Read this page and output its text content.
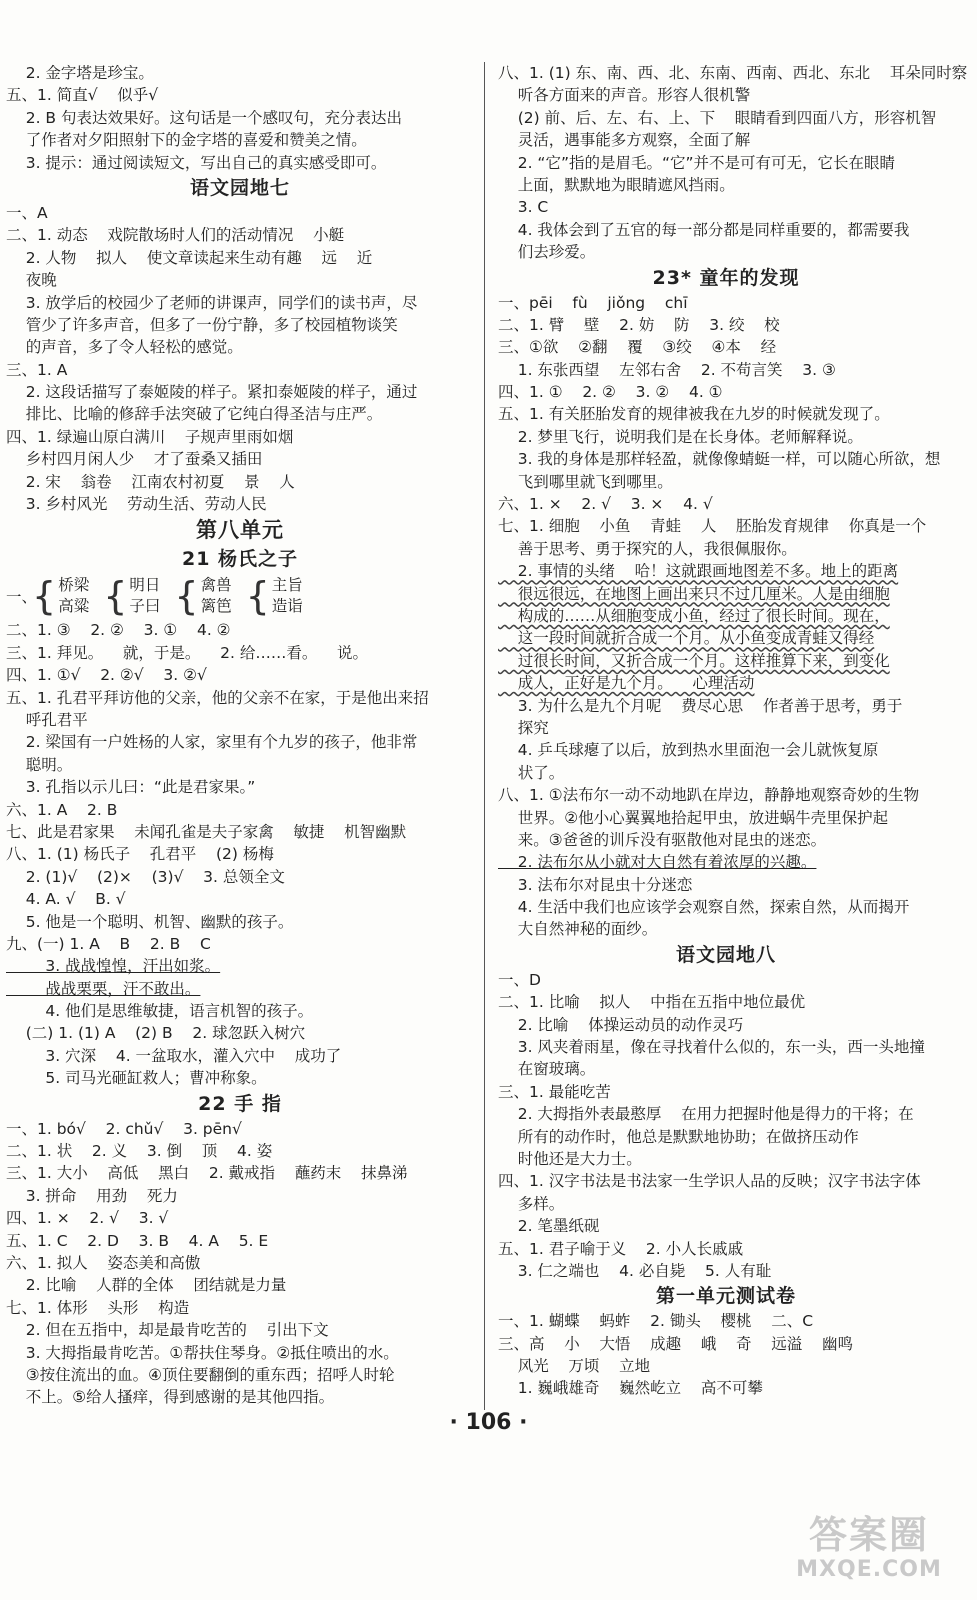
2. 金字塔是珍宝。
五、1. 简直√    似乎√
2. B 句表达效果好。这句话是一个感叹句，充分表达出
了作者对夕阳照射下的金字塔的喜爱和赞美之情。
3. 提示：通过阅读短文，写出自己的真实感受即可。
语文园地七
一、A
二、1. 动态    戏院散场时人们的活动情况    小艇
2. 人物    拟人    使文章读起来生动有趣    远    近
夜晚
3. 放学后的校园少了老师的讲课声，同学们的读书声，尽
管少了许多声音，但多了一份宁静，多了校园植物谈笑
的声音，多了令人轻松的感觉。
三、1. A
2. 这段话描写了泰姬陵的样子。紧扣泰姬陵的样子，通过
排比、比喻的修辞手法突破了它纯白得圣洁与庄严。
四、1. 绿遍山原白满川    子规声里雨如烟
乡村四月闲人少    才了蚕桑又插田
2. 宋    翁卷    江南农村初夏    景    人
3. 乡村风光    劳动生活、劳动人民
第八单元
21 杨氏之子
一、
{ 桥梁
高粱 { 明日
子曰 { 禽兽
篱笆 { 主旨
造诣
二、1. ③    2. ②    3. ①    4. ②
三、1. 拜见。    就，于是。    2. 给……看。    说。
四、1. ①√    2. ②√    3. ②√
五、1. 孔君平拜访他的父亲，他的父亲不在家，于是他出来招
呼孔君平
2. 梁国有一户姓杨的人家，家里有个九岁的孩子，他非常
聪明。
3. 孔指以示儿曰：“此是君家果。”
六、1. A    2. B
七、此是君家果    未闻孔雀是夫子家禽    敏捷    机智幽默
八、1. (1) 杨氏子    孔君平    (2) 杨梅
2. (1)√    (2)×    (3)√    3. 总领全文
4. A. √    B. √
5. 他是一个聪明、机智、幽默的孩子。
九、(一) 1. A    B    2. B    C
3. 战战惶惶，汗出如浆。
战战栗栗，汗不敢出。
4. 他们是思维敏捷，语言机智的孩子。
(二) 1. (1) A    (2) B    2. 球忽跃入树穴
3. 穴深    4. 一盆取水，灌入穴中    成功了
5. 司马光砸缸救人；曹冲称象。
22 手 指
一、1. bó√    2. chǔ√    3. pēn√
二、1. 状    2. 义    3. 倒    顶    4. 姿
三、1. 大小    高低    黑白    2. 戴戒指    蘸药末    抹鼻涕
3. 拼命    用劲    死力
四、1. ×    2. √    3. √
五、1. C    2. D    3. B    4. A    5. E
六、1. 拟人    姿态美和高傲
2. 比喻    人群的全体    团结就是力量
七、1. 体形    头形    构造
2. 但在五指中，却是最肯吃苦的    引出下文
3. 大拇指最肯吃苦。①帮扶住琴身。②抵住喷出的水。
③按住流出的血。④顶住要翻倒的重东西；招呼人时轮
不上。⑤给人搔痒，得到感谢的是其他四指。
八、1. (1) 东、南、西、北、东南、西南、西北、东北    耳朵同时察
听各方面来的声音。形容人很机警
(2) 前、后、左、右、上、下    眼睛看到四面八方，形容机智
灵活，遇事能多方观察，全面了解
2. “它”指的是眉毛。“它”并不是可有可无，它长在眼睛
上面，默默地为眼睛遮风挡雨。
3. C
4. 我体会到了五官的每一部分都是同样重要的，都需要我
们去珍爱。
23* 童年的发现
一、pēi    fù    jiǒng    chī
二、1. 臂    壁    2. 妨    防    3. 绞    校
三、①欲    ②翻    覆    ③绞    ④本    经
1. 东张西望    左邻右舍    2. 不苟言笑    3. ③
四、1. ①    2. ②    3. ②    4. ①
五、1. 有关胚胎发育的规律被我在九岁的时候就发现了。
2. 梦里飞行，说明我们是在长身体。老师解释说。
3. 我的身体是那样轻盈，就像像蜻蜓一样，可以随心所欲，想
飞到哪里就飞到哪里。
六、1. ×    2. √    3. ×    4. √
七、1. 细胞    小鱼    青蛙    人    胚胎发育规律    你真是一个
善于思考、勇于探究的人，我很佩服你。
2. 事情的头绪    哈！这就跟画地图差不多。地上的距离
很远很远，在地图上画出来只不过几厘米。人是由细胞
构成的……从细胞变成小鱼，经过了很长时间。现在，
这一段时间就折合成一个月。从小鱼变成青蛙又得经
过很长时间，又折合成一个月。这样推算下来，到变化
成人，正好是九个月。    心理活动
3. 为什么是九个月呢    费尽心思    作者善于思考，勇于
探究
4. 乒乓球瘪了以后，放到热水里面泡一会儿就恢复原
状了。
八、1. ①法布尔一动不动地趴在岸边，静静地观察奇妙的生物
世界。②他小心翼翼地拾起甲虫，放进蜗牛壳里保护起
来。③爸爸的训斥没有驱散他对昆虫的迷恋。
2. 法布尔从小就对大自然有着浓厚的兴趣。
3. 法布尔对昆虫十分迷恋
4. 生活中我们也应该学会观察自然，探索自然，从而揭开
大自然神秘的面纱。
语文园地八
一、D
二、1. 比喻    拟人    中指在五指中地位最优
2. 比喻    体操运动员的动作灵巧
3. 风夹着雨星，像在寻找着什么似的，东一头，西一头地撞
在窗玻璃。
三、1. 最能吃苦
2. 大拇指外表最憨厚    在用力把握时他是得力的干将；在
所有的动作时，他总是默默地协助；在做挤压动作
时他还是大力士。
四、1. 汉字书法是书法家一生学识人品的反映；汉字书法字体
多样。
2. 笔墨纸砚
五、1. 君子喻于义    2. 小人长戚戚
3. 仁之端也    4. 必自毙    5. 人有耻
第一单元测试卷
一、1. 蝴蝶    蚂蚱    2. 锄头    樱桃    二、C
三、高    小    大悟    成趣    峨    奇    远溢    幽鸣
风光    万顷    立地
1. 巍峨雄奇    巍然屹立    高不可攀
· 106 ·
答案圈
MXQE.COM
